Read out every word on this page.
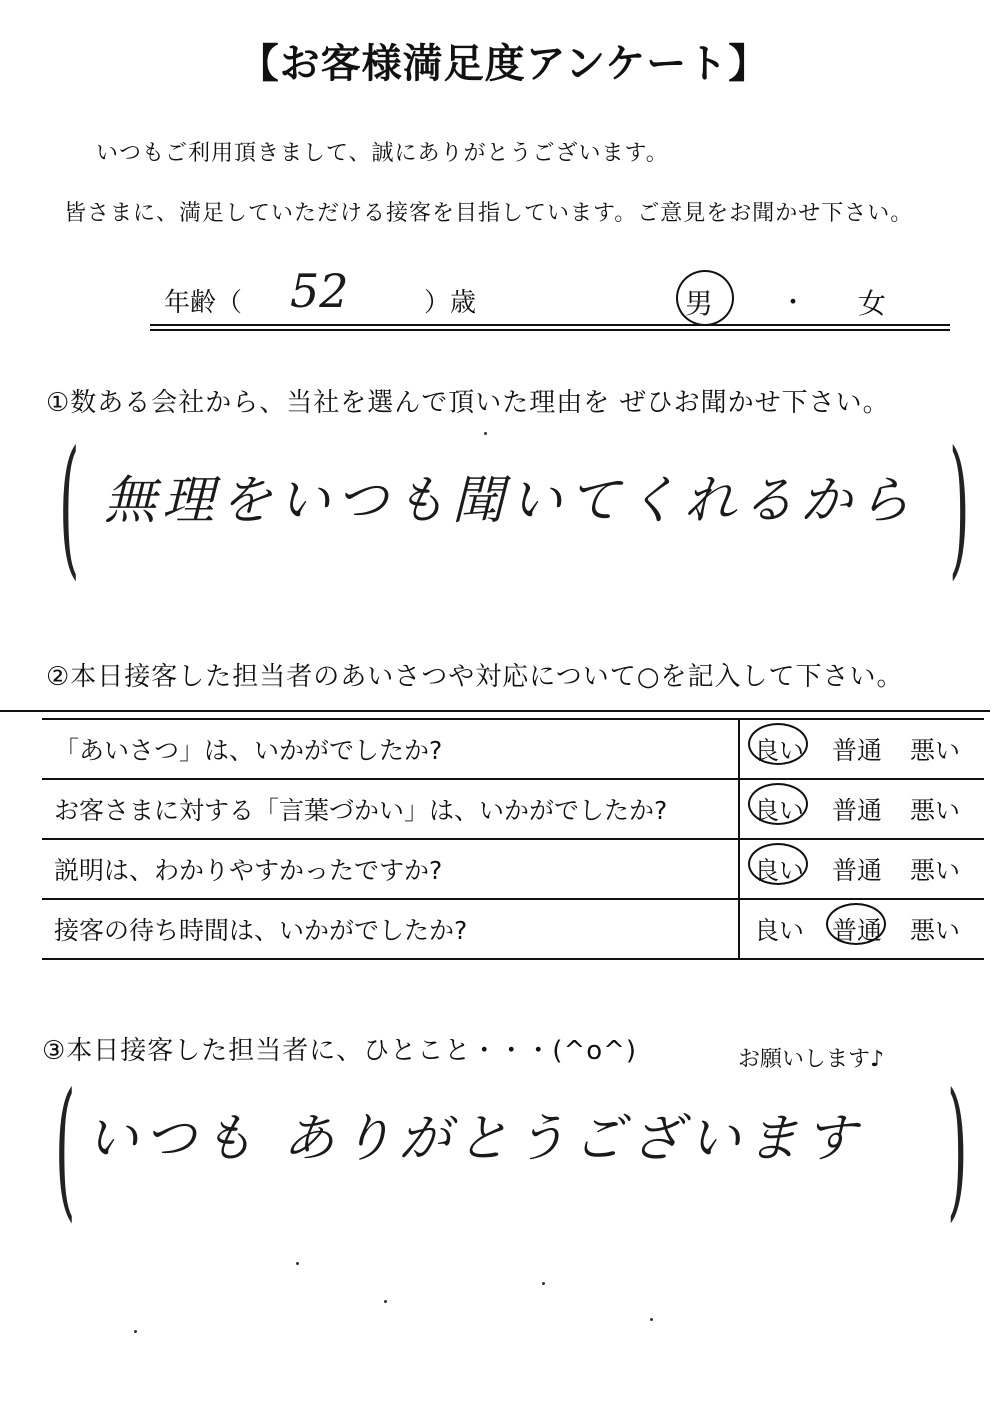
【お客様満足度アンケート】
いつもご利用頂きまして、誠にありがとうございます。
皆さまに、満足していただける接客を目指しています。ご意見をお聞かせ下さい。
年齢（ 52	）歳	男	・ 女
①数ある会社から、当社を選んで頂いた理由を ぜひお聞かせ下さい。
(	)
無理をいつも聞いてくれるから
②本日接客した担当者のあいさつや対応について○を記入して下さい。
「あいさつ」は、いかがでしたか?	良い 普通 悪い
お客さまに対する「言葉づかい」は、いかがでしたか?	良い 普通 悪い
説明は、わかりやすかったですか?	良い 普通 悪い
接客の待ち時間は、いかがでしたか?	良い 普通 悪い
③本日接客した担当者に、ひとこと・・・(^o^)	お願いします♪
(	)
いつも ありがとうございます
